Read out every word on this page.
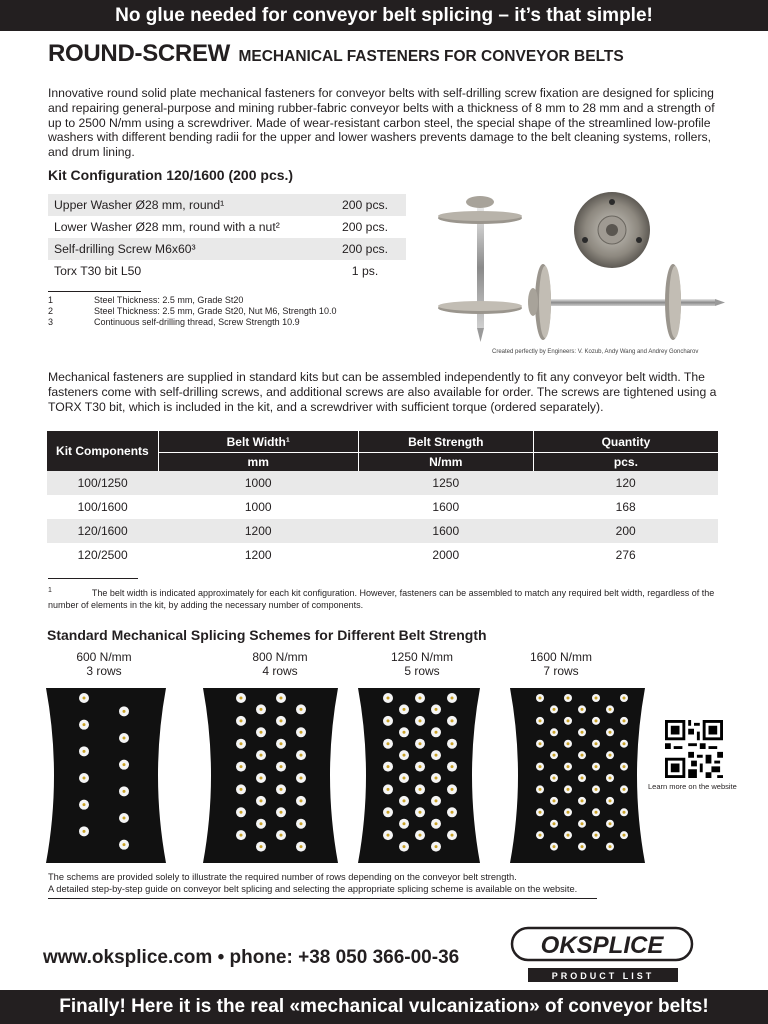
No glue needed for conveyor belt splicing – it’s that simple!
ROUND-SCREW MECHANICAL FASTENERS FOR CONVEYOR BELTS
Innovative round solid plate mechanical fasteners for conveyor belts with self-drilling screw fixation are designed for splicing and repairing general-purpose and mining rubber-fabric conveyor belts with a thickness of 8 mm to 28 mm and a strength of up to 2500 N/mm using a screwdriver. Made of wear-resistant carbon steel, the special shape of the streamlined low-profile washers with different bending radii for the upper and lower washers prevents damage to the belt cleaning systems, rollers, and drum lining.
Kit Configuration 120/1600 (200 pcs.)
Upper Washer Ø28 mm, round¹	200 pcs.
Lower Washer Ø28 mm, round with a nut²	200 pcs.
Self-drilling Screw M6x60³	200 pcs.
Torx T30 bit L50	1 ps.
1	Steel Thickness: 2.5 mm, Grade St20
2	Steel Thickness: 2.5 mm, Grade St20, Nut M6, Strength 10.0
3	Continuous self-drilling thread, Screw Strength 10.9
Created perfectly by Engineers: V. Kozub, Andy Wang and Andrey Goncharov
Mechanical fasteners are supplied in standard kits but can be assembled independently to fit any conveyor belt width. The fasteners come with self-drilling screws, and additional screws are also available for order. The screws are tightened using a TORX T30 bit, which is included in the kit, and a screwdriver with sufficient torque (ordered separately).
Kit Components	Belt Width¹	Belt Strength	Quantity
	mm	N/mm	pcs.
100/1250	1000	1250	120
100/1600	1000	1600	168
120/1600	1200	1600	200
120/2500	1200	2000	276
$^1$	The belt width is indicated approximately for each kit configuration. However, fasteners can be assembled to match any required belt width, regardless of the number of elements in the kit, by adding the necessary number of components.
Standard Mechanical Splicing Schemes for Different Belt Strength
600 N/mm
3 rows
800 N/mm
4 rows
1250 N/mm
5 rows
1600 N/mm
7 rows
Learn more on the website
The schems are provided solely to illustrate the required number of rows depending on the conveyor belt strength.
A detailed step-by-step guide on conveyor belt splicing and selecting the appropriate splicing scheme is available on the website.
www.oksplice.com • phone: +38 050 366-00-36	OKSPLICE
PRODUCT LIST
Finally! Here it is the real «mechanical vulcanization» of conveyor belts!
